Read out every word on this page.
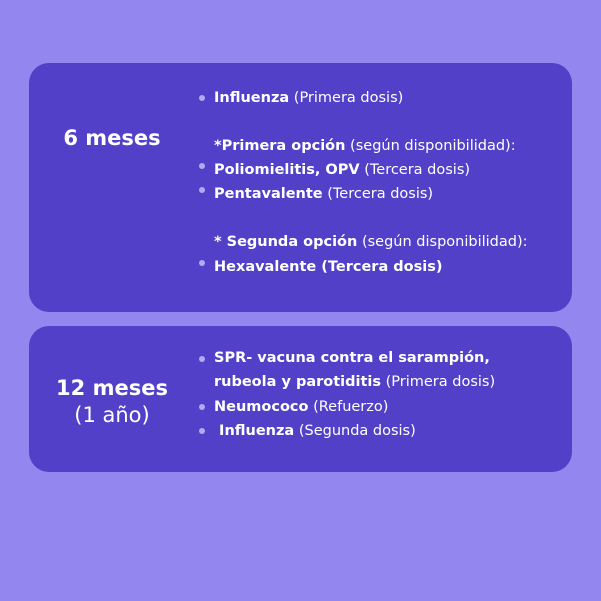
6 meses
Influenza (Primera dosis)
*Primera opción (según disponibilidad):
Poliomielitis, OPV (Tercera dosis)
Pentavalente (Tercera dosis)
* Segunda opción (según disponibilidad):
Hexavalente (Tercera dosis)
12 meses
(1 año)
SPR- vacuna contra el sarampión,
rubeola y parotiditis (Primera dosis)
Neumococo (Refuerzo)
Influenza (Segunda dosis)
